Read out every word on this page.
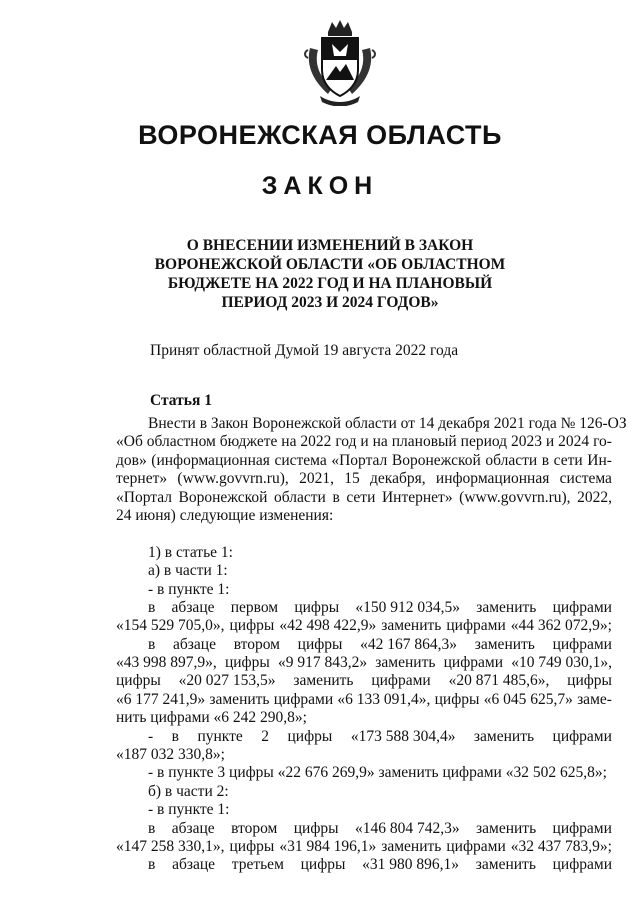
ВОРОНЕЖСКАЯ ОБЛАСТЬ
ЗАКОН
О ВНЕСЕНИИ ИЗМЕНЕНИЙ В ЗАКОН
ВОРОНЕЖСКОЙ ОБЛАСТИ «ОБ ОБЛАСТНОМ
БЮДЖЕТЕ НА 2022 ГОД И НА ПЛАНОВЫЙ
ПЕРИОД 2023 И 2024 ГОДОВ»
Принят областной Думой 19 августа 2022 года
Статья 1
Внести в Закон Воронежской области от 14 декабря 2021 года № 126-ОЗ
«Об областном бюджете на 2022 год и на плановый период 2023 и 2024 го-
дов» (информационная система «Портал Воронежской области в сети Ин-
тернет» (www.govvrn.ru), 2021, 15 декабря, информационная система
«Портал Воронежской области в сети Интернет» (www.govvrn.ru), 2022,
24 июня) следующие изменения:
1) в статье 1:
а) в части 1:
- в пункте 1:
в абзаце первом цифры «150 912 034,5» заменить цифрами
«154 529 705,0», цифры «42 498 422,9» заменить цифрами «44 362 072,9»;
в абзаце втором цифры «42 167 864,3» заменить цифрами
«43 998 897,9», цифры «9 917 843,2» заменить цифрами «10 749 030,1»,
цифры «20 027 153,5» заменить цифрами «20 871 485,6», цифры
«6 177 241,9» заменить цифрами «6 133 091,4», цифры «6 045 625,7» заме-
нить цифрами «6 242 290,8»;
- в пункте 2 цифры «173 588 304,4» заменить цифрами
«187 032 330,8»;
- в пункте 3 цифры «22 676 269,9» заменить цифрами «32 502 625,8»;
б) в части 2:
- в пункте 1:
в абзаце втором цифры «146 804 742,3» заменить цифрами
«147 258 330,1», цифры «31 984 196,1» заменить цифрами «32 437 783,9»;
в абзаце третьем цифры «31 980 896,1» заменить цифрами
